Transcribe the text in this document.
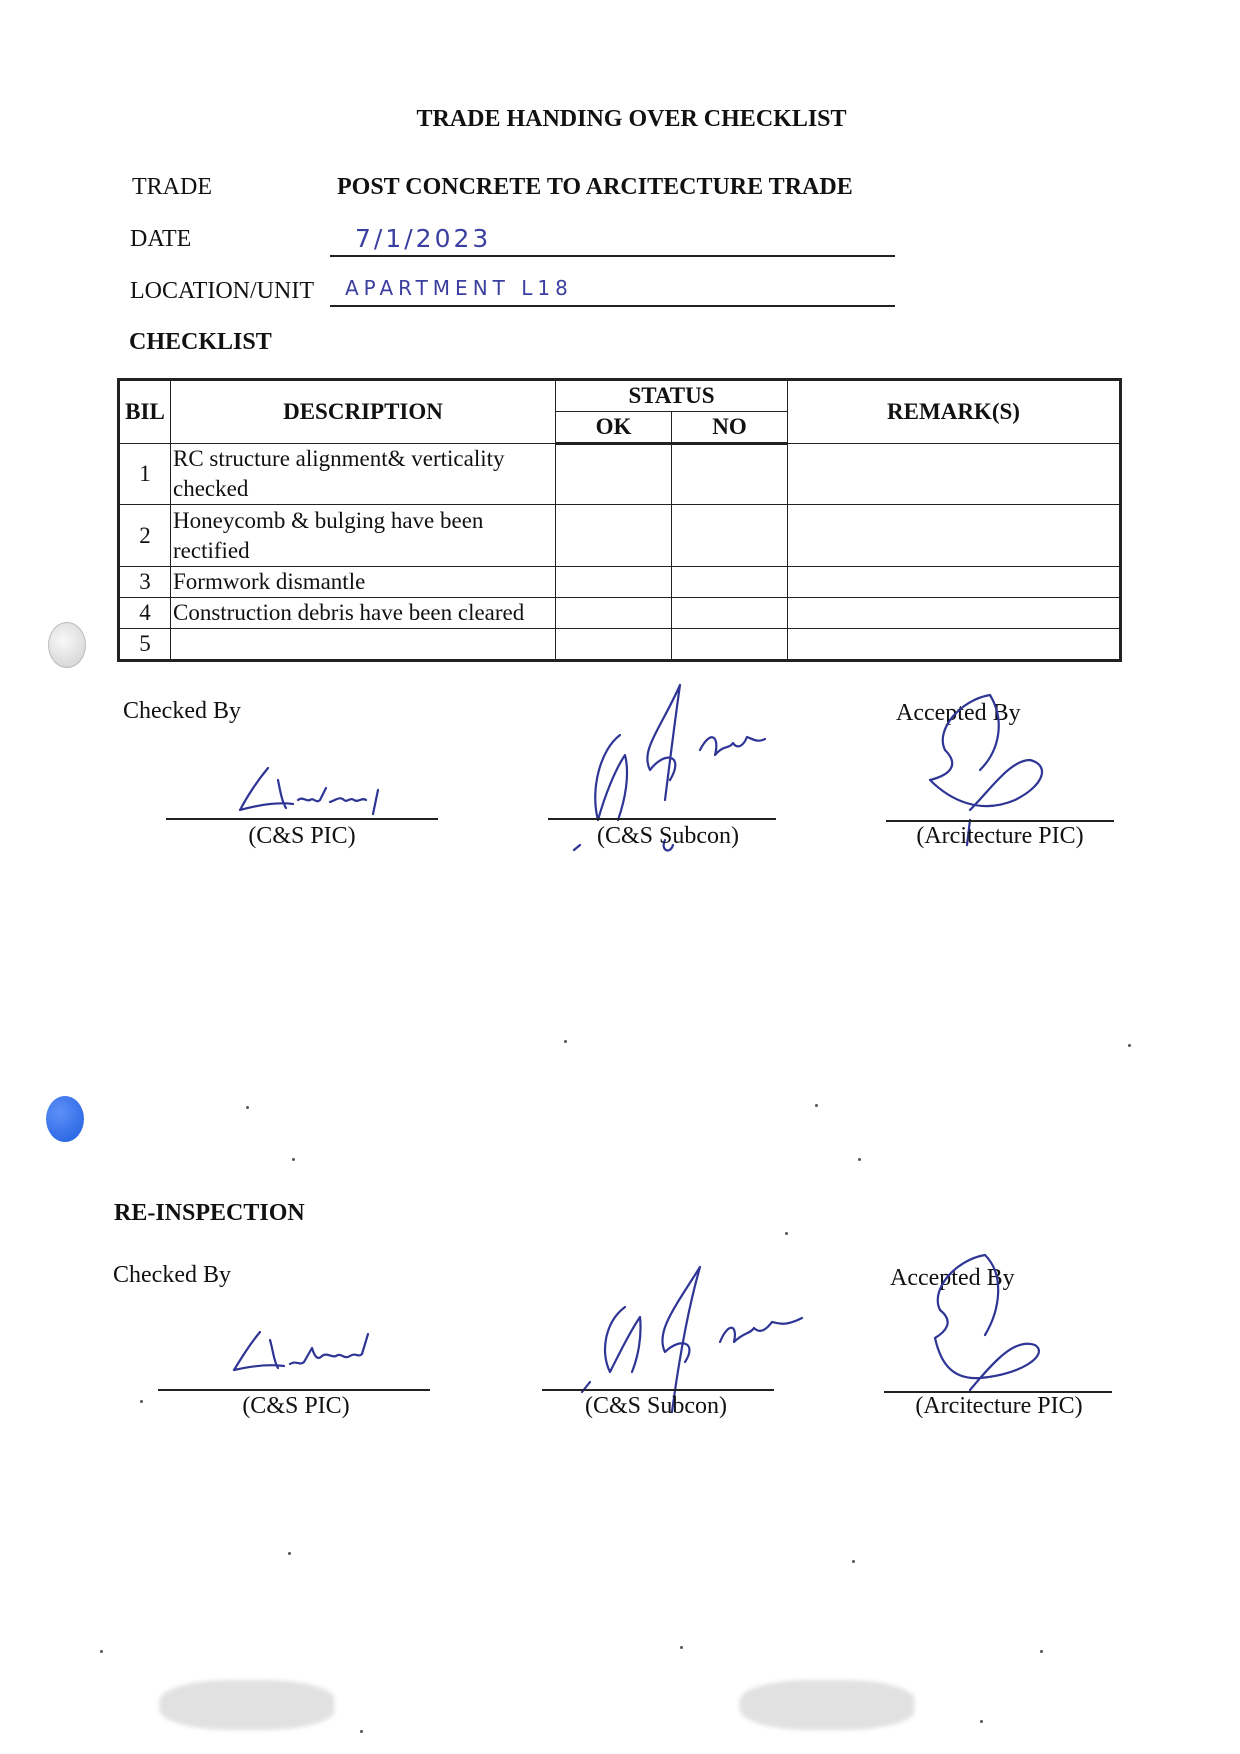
TRADE HANDING OVER CHECKLIST
TRADE	POST CONCRETE TO ARCITECTURE TRADE
DATE	7/1/2023
LOCATION/UNIT APARTMENT L18
CHECKLIST
BIL	DESCRIPTION	STATUS		REMARK(S)
		OK	NO	
1	RC structure alignment& verticality
checked			

2	Honeycomb & bulging have been
rectified			

3	Formwork dismantle			
4	Construction debris have been cleared			

5				
Checked By	Accepted By
(C&S PIC)	(C&S Subcon)	(Arcitecture PIC)
RE-INSPECTION
Checked By	Accepted By
(C&S PIC)	(C&S Subcon)	(Arcitecture PIC)
